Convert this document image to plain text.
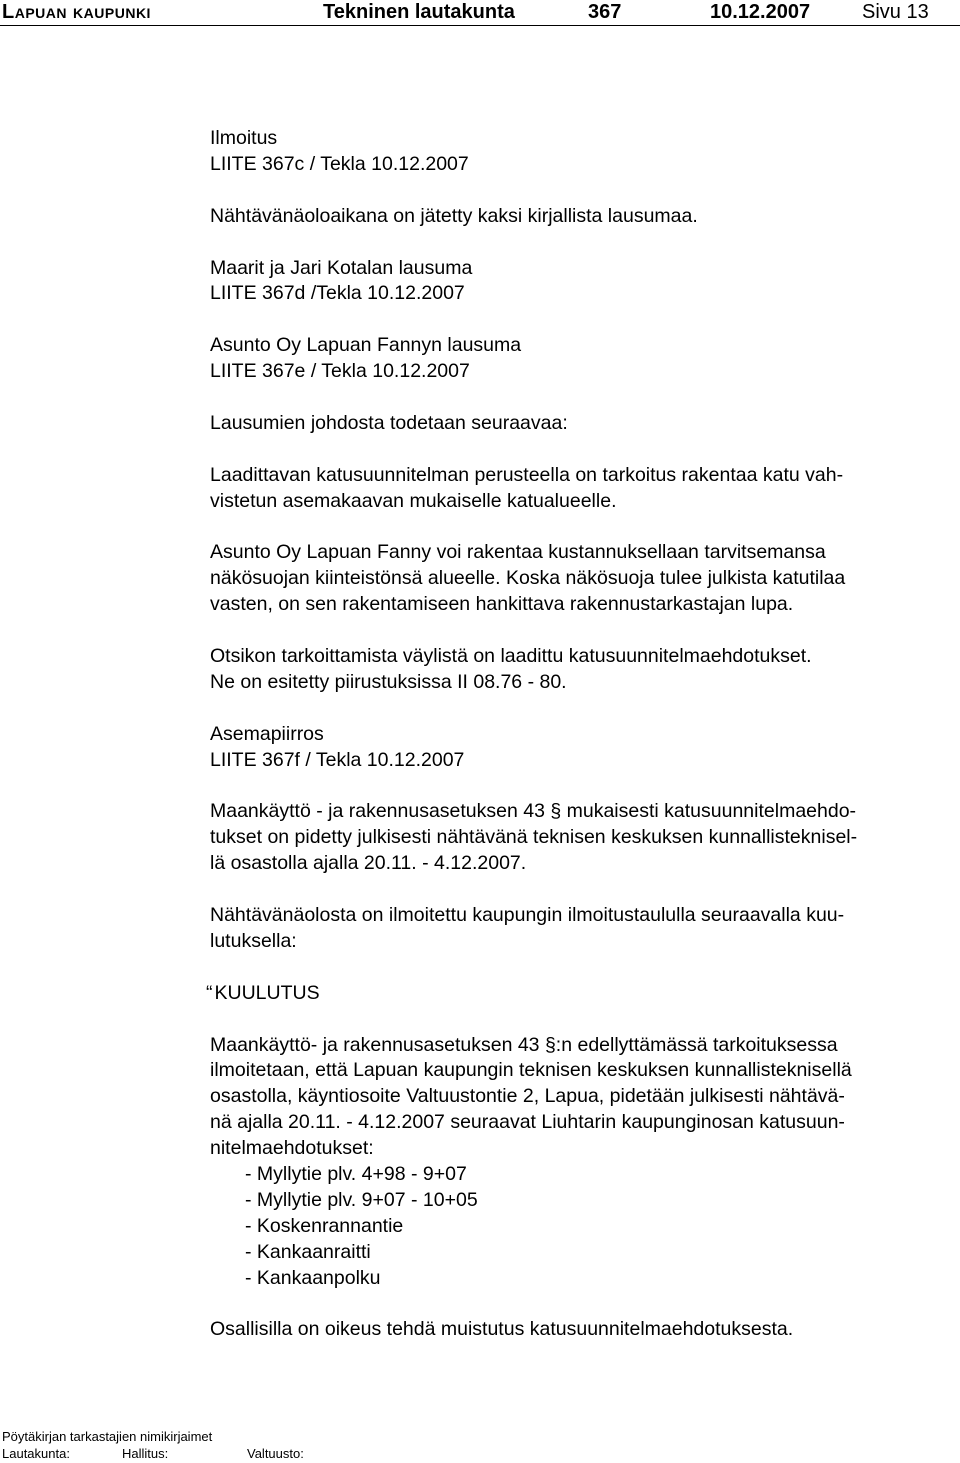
Lapuan kaupunki	Tekninen lautakunta	367	10.12.2007	Sivu 13

Ilmoitus
LIITE 367c / Tekla 10.12.2007

Nähtävänäoloaikana on jätetty kaksi kirjallista lausumaa.

Maarit ja Jari Kotalan lausuma
LIITE 367d /Tekla 10.12.2007

Asunto Oy Lapuan Fannyn lausuma
LIITE 367e / Tekla 10.12.2007

Lausumien johdosta todetaan seuraavaa:

Laadittavan katusuunnitelman perusteella on tarkoitus rakentaa katu vah-
vistetun asemakaavan mukaiselle katualueelle.

Asunto Oy Lapuan Fanny voi rakentaa kustannuksellaan tarvitsemansa
näkösuojan kiinteistönsä alueelle. Koska näkösuoja tulee julkista katutilaa
vasten, on sen rakentamiseen hankittava rakennustarkastajan lupa.

Otsikon tarkoittamista väylistä on laadittu katusuunnitelmaehdotukset.
Ne on esitetty piirustuksissa II 08.76 - 80.

Asemapiirros
LIITE 367f / Tekla 10.12.2007

Maankäyttö - ja rakennusasetuksen 43 § mukaisesti katusuunnitelmaehdo-
tukset on pidetty julkisesti nähtävänä teknisen keskuksen kunnallisteknisel-
lä osastolla ajalla 20.11. - 4.12.2007.

Nähtävänäolosta on ilmoitettu kaupungin ilmoitustaululla seuraavalla kuu-
lutuksella:

“ KUULUTUS

Maankäyttö- ja rakennusasetuksen 43 §:n edellyttämässä tarkoituksessa
ilmoitetaan, että Lapuan kaupungin teknisen keskuksen kunnallisteknisellä
osastolla, käyntiosoite Valtuustontie 2, Lapua, pidetään julkisesti nähtävä-
nä ajalla 20.11. - 4.12.2007 seuraavat Liuhtarin kaupunginosan katusuun-
nitelmaehdotukset:

- Myllytie plv. 4+98 - 9+07
- Myllytie plv. 9+07 - 10+05
- Koskenrannantie
- Kankaanraitti
- Kankaanpolku

Osallisilla on oikeus tehdä muistutus katusuunnitelmaehdotuksesta.

Pöytäkirjan tarkastajien nimikirjaimet
Lautakunta:	Hallitus:	Valtuusto:
